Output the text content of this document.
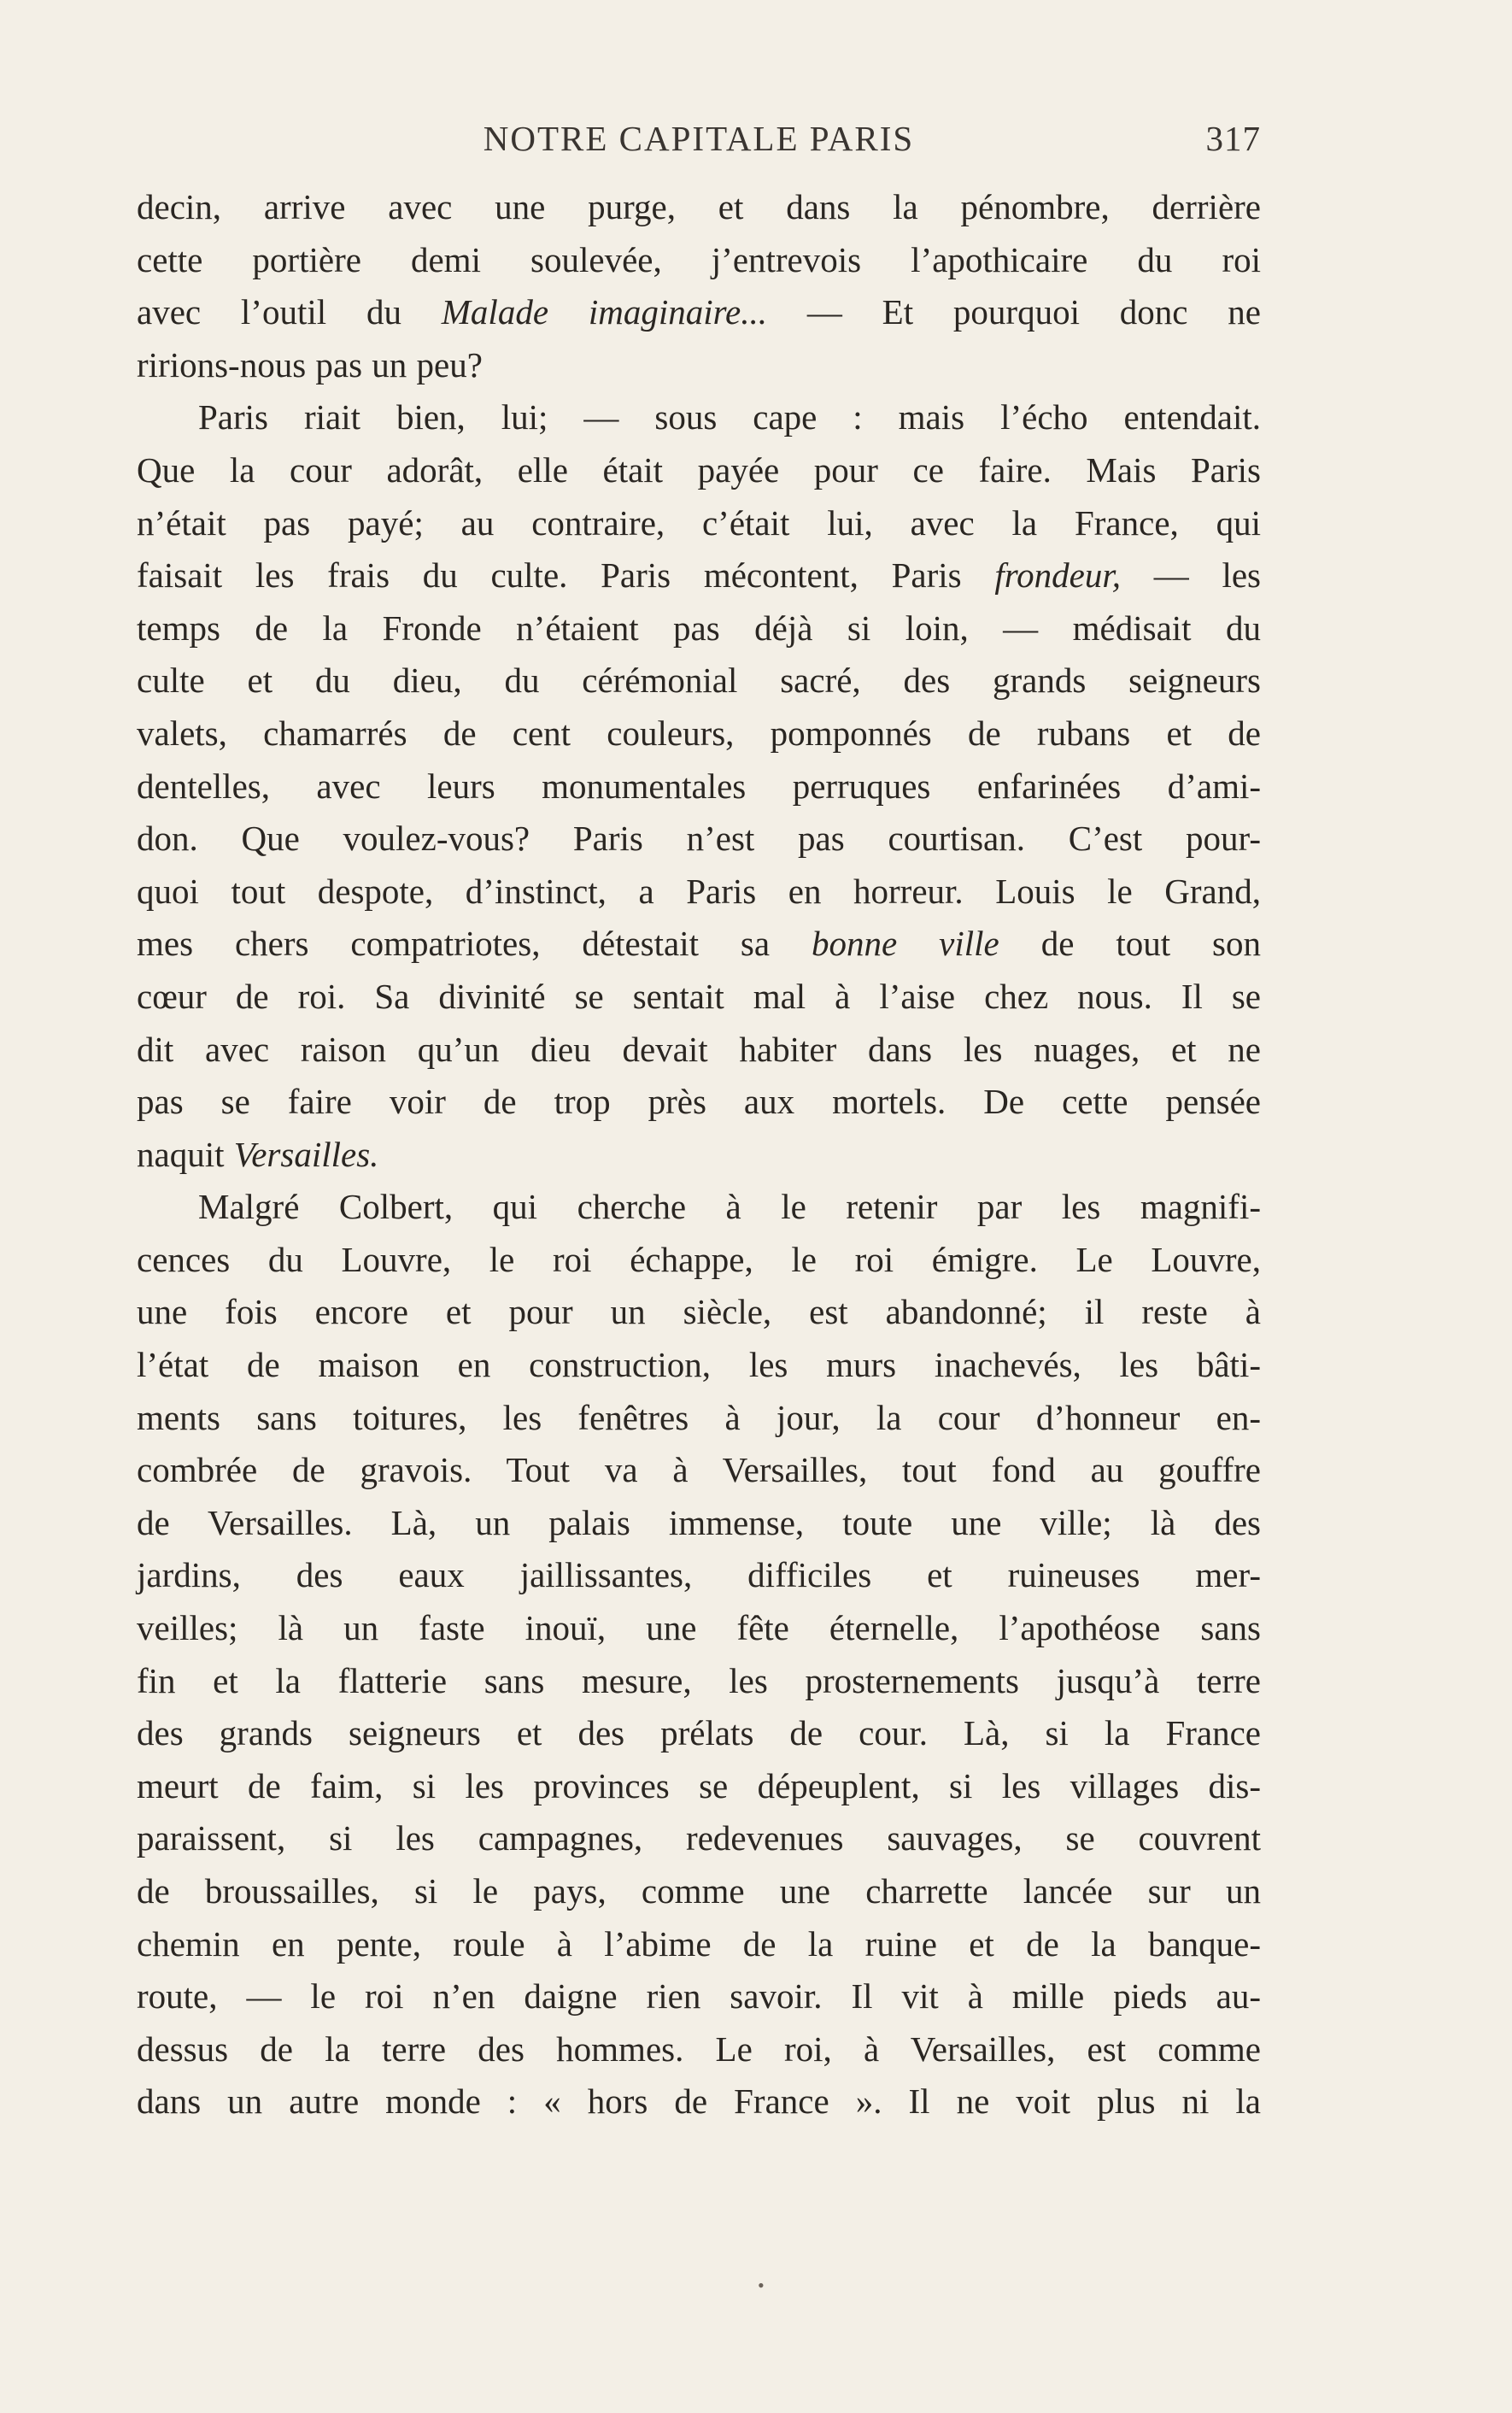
NOTRE CAPITALE PARIS	317
decin, arrive avec une purge, et dans la pénombre, derrière
cette portière demi soulevée, j’entrevois l’apothicaire du roi
avec l’outil du Malade imaginaire... — Et pourquoi donc ne
ririons-nous pas un peu?
Paris riait bien, lui; — sous cape : mais l’écho entendait.
Que la cour adorât, elle était payée pour ce faire. Mais Paris
n’était pas payé; au contraire, c’était lui, avec la France, qui
faisait les frais du culte. Paris mécontent, Paris frondeur, — les
temps de la Fronde n’étaient pas déjà si loin, — médisait du
culte et du dieu, du cérémonial sacré, des grands seigneurs
valets, chamarrés de cent couleurs, pomponnés de rubans et de
dentelles, avec leurs monumentales perruques enfarinées d’ami-
don. Que voulez-vous? Paris n’est pas courtisan. C’est pour-
quoi tout despote, d’instinct, a Paris en horreur. Louis le Grand,
mes chers compatriotes, détestait sa bonne ville de tout son
cœur de roi. Sa divinité se sentait mal à l’aise chez nous. Il se
dit avec raison qu’un dieu devait habiter dans les nuages, et ne
pas se faire voir de trop près aux mortels. De cette pensée
naquit Versailles.
Malgré Colbert, qui cherche à le retenir par les magnifi-
cences du Louvre, le roi échappe, le roi émigre. Le Louvre,
une fois encore et pour un siècle, est abandonné; il reste à
l’état de maison en construction, les murs inachevés, les bâti-
ments sans toitures, les fenêtres à jour, la cour d’honneur en-
combrée de gravois. Tout va à Versailles, tout fond au gouffre
de Versailles. Là, un palais immense, toute une ville; là des
jardins, des eaux jaillissantes, difficiles et ruineuses mer-
veilles; là un faste inouï, une fête éternelle, l’apothéose sans
fin et la flatterie sans mesure, les prosternements jusqu’à terre
des grands seigneurs et des prélats de cour. Là, si la France
meurt de faim, si les provinces se dépeuplent, si les villages dis-
paraissent, si les campagnes, redevenues sauvages, se couvrent
de broussailles, si le pays, comme une charrette lancée sur un
chemin en pente, roule à l’abime de la ruine et de la banque-
route, — le roi n’en daigne rien savoir. Il vit à mille pieds au-
dessus de la terre des hommes. Le roi, à Versailles, est comme
dans un autre monde : « hors de France ». Il ne voit plus ni la
•
